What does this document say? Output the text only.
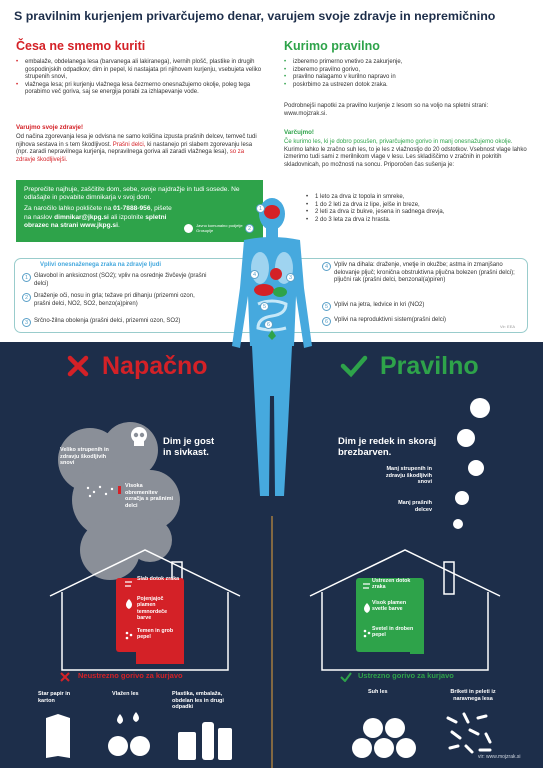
S pravilnim kurjenjem privarčujemo denar, varujem svoje zdravje in nepremičnino
Česa ne smemo kuriti
• embalaže, obdelanega lesa (barvanega ali lakiranega), ivernih plošč, plastike in drugih gospodinjskih odpadkov; dim in pepel, ki nastajata pri njihovem kurjenju, vsebujeta veliko strupenih snovi,
• vlažnega lesa; pri kurjenju vlažnega lesa čezmerno onesnažujemo okolje, poleg tega porabimo več goriva, saj se energija porabi za izhlapevanje vode.
Varujmo svoje zdravje!
Od načina zgorevanja lesa je odvisna ne samo količina izpusta prašnih delcev, temveč tudi njihova sestava in s tem škodljivost. Prašni delci, ki nastanejo pri slabem zgorevanju lesa (npr. zaradi nepravilnega kurjenja, nepravilnega goriva ali zaradi vlažnega lesa), so za zdravje škodljivejši.
Preprečite najhuje, zaščitite dom, sebe, svoje najdražje in tudi sosede. Ne odlašajte in povabite dimnikarja v svoj dom.
Za naročilo lahko pokličete na 01-7888-956, pišete na naslov dimnikar@jkpg.si ali izpolnite spletni obrazec na strani www.jkpg.si.	Javno komunalno podjetje Grosuplje
Kurimo pravilno
• izberemo primerno vnetivo za zakurjenje,
• izberemo pravilno gorivo,
• pravilno nalagamo v kurilno napravo in
• poskrbimo za ustrezen dotok zraka.
Podrobnejši napotki za pravilno kurjenje z lesom so na voljo na spletni strani: www.mojzrak.si.
Varčujmo!
Če kurimo les, ki je dobro posušen, privarčujemo gorivo in manj onesnažujemo okolje. Kurimo lahko le zračno suh les, to je les z vlažnostjo do 20 odstotkov. Vsebnost vlage lahko izmerimo tudi sami z merilnikom vlage v lesu. Les skladiščimo v zračnih in pokritih skladovnicah, po možnosti na soncu. Priporočen čas sušenja je:
• 1 leto za drva iz topola in smreke,
• 1 do 2 leti za drva iz lipe, jelše in breze,
• 2 leti za drva iz bukve, jesena in sadnega drevja,
• 2 do 3 leta za drva iz hrasta.
Vplivi onesnaženega zraka na zdravje ljudi
1 Glavobol in anksioznost (SO2); vpliv na osrednje živčevje (prašni delci)
2 Draženje oči, nosu in grla; težave pri dihanju (prizemni ozon, prašni delci, NO2, SO2, benzo(a)piren)
3 Srčno-žilna obolenja (prašni delci, prizemni ozon, SO2)
4 Vpliv na dihala: draženje, vnetje in okužbe; astma in zmanjšano delovanje pljuč; kronična obstruktivna pljučna bolezen (prašni delci); pljučni rak (prašni delci, benzonal(a)piren)
5 Vplivi na jetra, ledvice in kri (NO2)
6 Vplivi na reproduktivni sistem(prašni delci)
Vir: EEA
1
2
3
4
5
6
Napačno
Veliko strupenih in zdravju škodljivih snovi
Visoka obremenitev ozračja s prašnimi delci
Dim je gost in sivkast.
Slab dotok zraka
Pojenjajoč plamen temnordeče barve
Temen in grob pepel
Neustrezno gorivo za kurjavo
Star papir in karton
Vlažen les	Plastika, embalaža, obdelan les in drugi odpadki
Pravilno
Dim je redek in skoraj brezbarven.
Manj strupenih in zdravju škodljivih snovi
Manj prašnih delcev
Ustrezen dotok zraka
Visok plamen svetle barve
Svetel in droben pepel
Ustrezno gorivo za kurjavo
Suh les	Briketi in peleti iz naravnega lesa
vir: www.mojzrak.si
